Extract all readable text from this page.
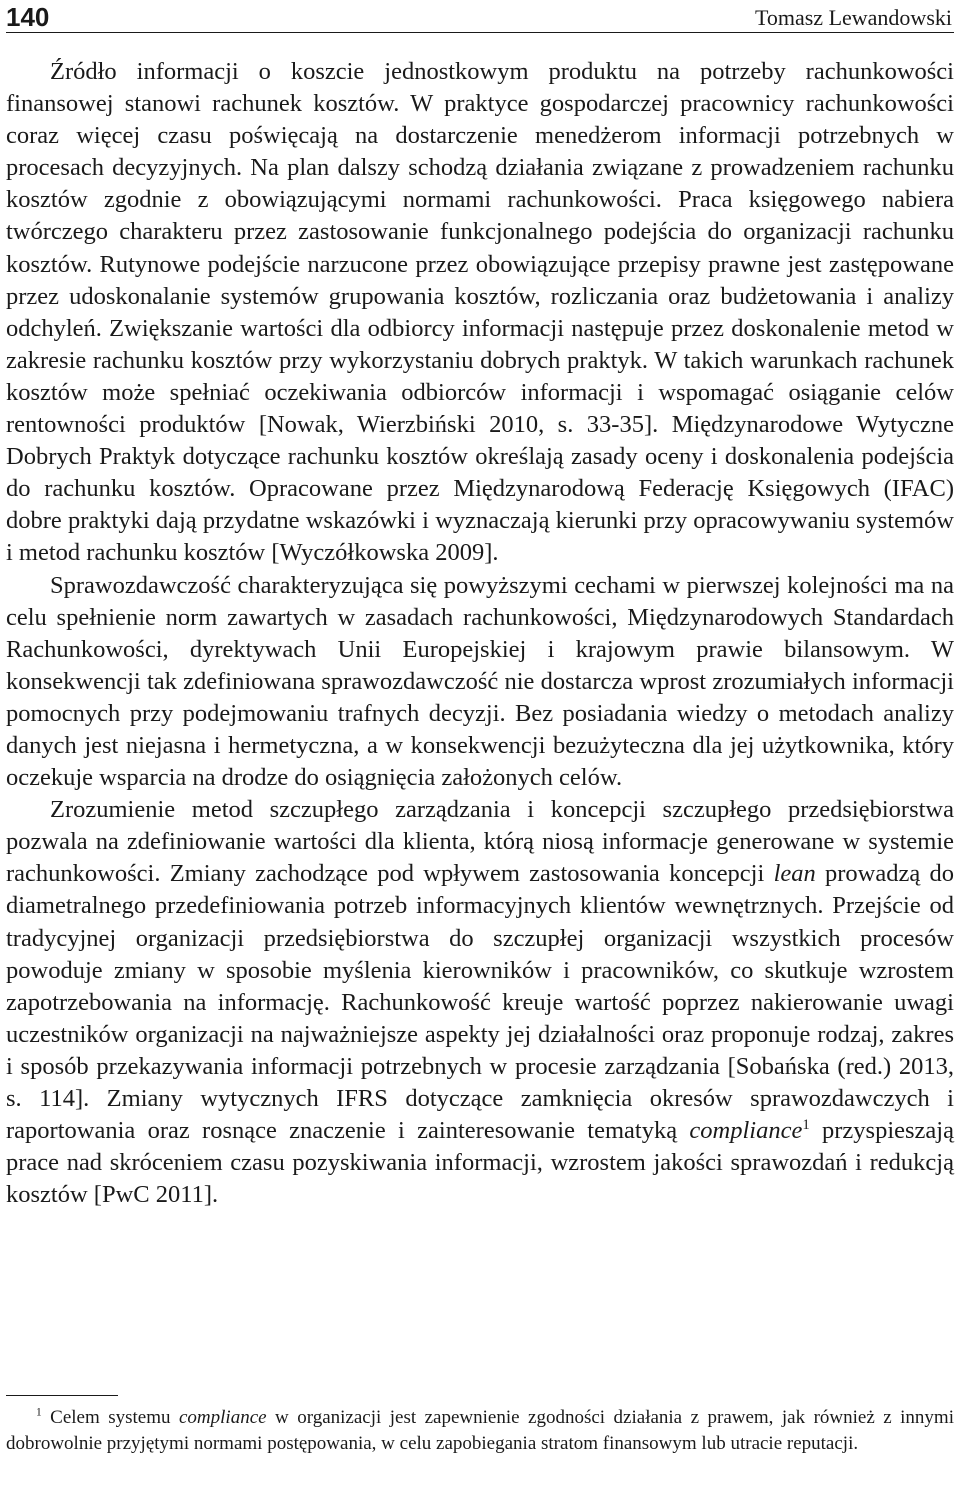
140	Tomasz Lewandowski

Źródło informacji o koszcie jednostkowym produktu na potrzeby rachunkowości finansowej stanowi rachunek kosztów. W praktyce gospodarczej pracownicy rachunkowości coraz więcej czasu poświęcają na dostarczenie menedżerom informacji potrzebnych w procesach decyzyjnych. Na plan dalszy schodzą działania związane z prowadzeniem rachunku kosztów zgodnie z obowiązującymi normami rachunkowości. Praca księgowego nabiera twórczego charakteru przez zastosowanie funkcjonalnego podejścia do organizacji rachunku kosztów. Rutynowe podejście narzucone przez obowiązujące przepisy prawne jest zastępowane przez udoskonalanie systemów grupowania kosztów, rozliczania oraz budżetowania i analizy odchyleń. Zwiększanie wartości dla odbiorcy informacji następuje przez doskonalenie metod w zakresie rachunku kosztów przy wykorzystaniu dobrych praktyk. W takich warunkach rachunek kosztów może spełniać oczekiwania odbiorców informacji i wspomagać osiąganie celów rentowności produktów [Nowak, Wierzbiński 2010, s. 33-35]. Międzynarodowe Wytyczne Dobrych Praktyk dotyczące rachunku kosztów określają zasady oceny i doskonalenia podejścia do rachunku kosztów. Opracowane przez Międzynarodową Federację Księgowych (IFAC) dobre praktyki dają przydatne wskazówki i wyznaczają kierunki przy opracowywaniu systemów i metod rachunku kosztów [Wyczółkowska 2009].

Sprawozdawczość charakteryzująca się powyższymi cechami w pierwszej kolejności ma na celu spełnienie norm zawartych w zasadach rachunkowości, Międzynarodowych Standardach Rachunkowości, dyrektywach Unii Europejskiej i krajowym prawie bilansowym. W konsekwencji tak zdefiniowana sprawozdawczość nie dostarcza wprost zrozumiałych informacji pomocnych przy podejmowaniu trafnych decyzji. Bez posiadania wiedzy o metodach analizy danych jest niejasna i hermetyczna, a w konsekwencji bezużyteczna dla jej użytkownika, który oczekuje wsparcia na drodze do osiągnięcia założonych celów.

Zrozumienie metod szczupłego zarządzania i koncepcji szczupłego przedsiębiorstwa pozwala na zdefiniowanie wartości dla klienta, którą niosą informacje generowane w systemie rachunkowości. Zmiany zachodzące pod wpływem zastosowania koncepcji lean prowadzą do diametralnego przedefiniowania potrzeb informacyjnych klientów wewnętrznych. Przejście od tradycyjnej organizacji przedsiębiorstwa do szczupłej organizacji wszystkich procesów powoduje zmiany w sposobie myślenia kierowników i pracowników, co skutkuje wzrostem zapotrzebowania na informację. Rachunkowość kreuje wartość poprzez nakierowanie uwagi uczestników organizacji na najważniejsze aspekty jej działalności oraz proponuje rodzaj, zakres i sposób przekazywania informacji potrzebnych w procesie zarządzania [Sobańska (red.) 2013, s. 114]. Zmiany wytycznych IFRS dotyczące zamknięcia okresów sprawozdawczych i raportowania oraz rosnące znaczenie i zainteresowanie tematyką compliance$^1$ przyspieszają prace nad skróceniem czasu pozyskiwania informacji, wzrostem jakości sprawozdań i redukcją kosztów [PwC 2011].

$^1$ Celem systemu compliance w organizacji jest zapewnienie zgodności działania z prawem, jak również z innymi dobrowolnie przyjętymi normami postępowania, w celu zapobiegania stratom finansowym lub utracie reputacji.
